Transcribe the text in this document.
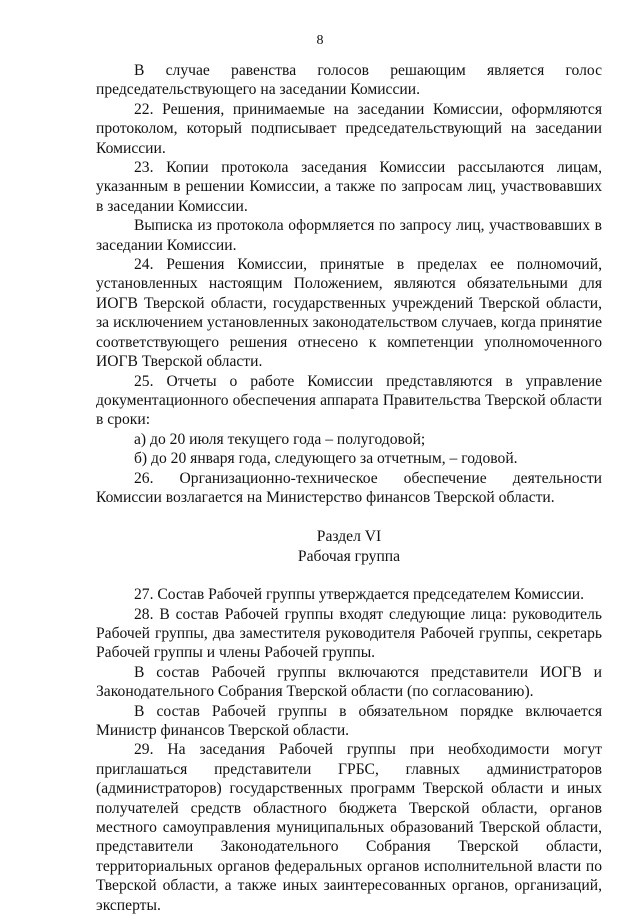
8

В случае равенства голосов решающим является голос председательствующего на заседании Комиссии.

22. Решения, принимаемые на заседании Комиссии, оформляются протоколом, который подписывает председательствующий на заседании Комиссии.

23. Копии протокола заседания Комиссии рассылаются лицам, указанным в решении Комиссии, а также по запросам лиц, участвовавших в заседании Комиссии.

Выписка из протокола оформляется по запросу лиц, участвовавших в заседании Комиссии.

24. Решения Комиссии, принятые в пределах ее полномочий, установленных настоящим Положением, являются обязательными для ИОГВ Тверской области, государственных учреждений Тверской области, за исключением установленных законодательством случаев, когда принятие соответствующего решения отнесено к компетенции уполномоченного ИОГВ Тверской области.

25. Отчеты о работе Комиссии представляются в управление документационного обеспечения аппарата Правительства Тверской области в сроки:

а) до 20 июля текущего года – полугодовой;

б) до 20 января года, следующего за отчетным, – годовой.

26. Организационно-техническое обеспечение деятельности Комиссии возлагается на Министерство финансов Тверской области.

Раздел VI

Рабочая группа

27. Состав Рабочей группы утверждается председателем Комиссии.

28. В состав Рабочей группы входят следующие лица: руководитель Рабочей группы, два заместителя руководителя Рабочей группы, секретарь Рабочей группы и члены Рабочей группы.

В состав Рабочей группы включаются представители ИОГВ и Законодательного Собрания Тверской области (по согласованию).

В состав Рабочей группы в обязательном порядке включается Министр финансов Тверской области.

29. На заседания Рабочей группы при необходимости могут приглашаться представители ГРБС, главных администраторов (администраторов) государственных программ Тверской области и иных получателей средств областного бюджета Тверской области, органов местного самоуправления муниципальных образований Тверской области, представители Законодательного Собрания Тверской области, территориальных органов федеральных органов исполнительной власти по Тверской области, а также иных заинтересованных органов, организаций, эксперты.
